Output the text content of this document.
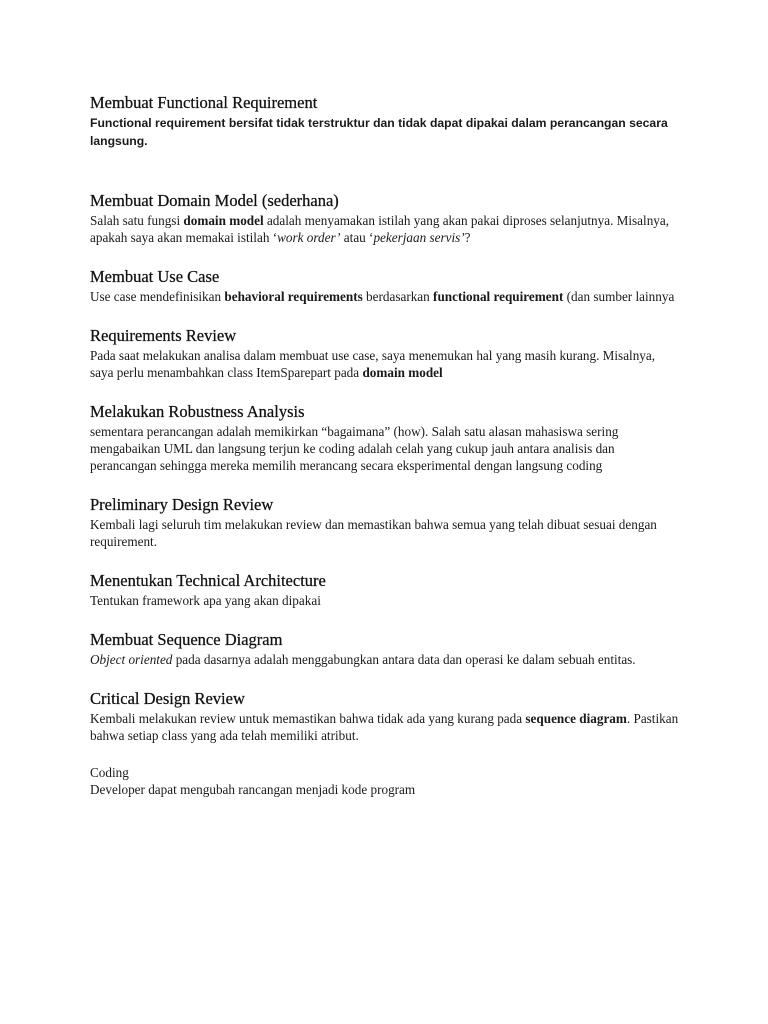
Membuat Functional Requirement

Functional requirement bersifat tidak terstruktur dan tidak dapat dipakai dalam perancangan secara langsung.

Membuat Domain Model (sederhana)

Salah satu fungsi domain model adalah menyamakan istilah yang akan pakai diproses selanjutnya. Misalnya, apakah saya akan memakai istilah ‘work order’ atau ‘pekerjaan servis’?

Membuat Use Case

Use case mendefinisikan behavioral requirements berdasarkan functional requirement (dan sumber lainnya

Requirements Review

Pada saat melakukan analisa dalam membuat use case, saya menemukan hal yang masih kurang. Misalnya, saya perlu menambahkan class ItemSparepart pada domain model

Melakukan Robustness Analysis

sementara perancangan adalah memikirkan “bagaimana” (how). Salah satu alasan mahasiswa sering mengabaikan UML dan langsung terjun ke coding adalah celah yang cukup jauh antara analisis dan perancangan sehingga mereka memilih merancang secara eksperimental dengan langsung coding

Preliminary Design Review

Kembali lagi seluruh tim melakukan review dan memastikan bahwa semua yang telah dibuat sesuai dengan requirement.

Menentukan Technical Architecture

Tentukan framework apa yang akan dipakai

Membuat Sequence Diagram

Object oriented pada dasarnya adalah menggabungkan antara data dan operasi ke dalam sebuah entitas.

Critical Design Review

Kembali melakukan review untuk memastikan bahwa tidak ada yang kurang pada sequence diagram. Pastikan bahwa setiap class yang ada telah memiliki atribut.

Coding

Developer dapat mengubah rancangan menjadi kode program
